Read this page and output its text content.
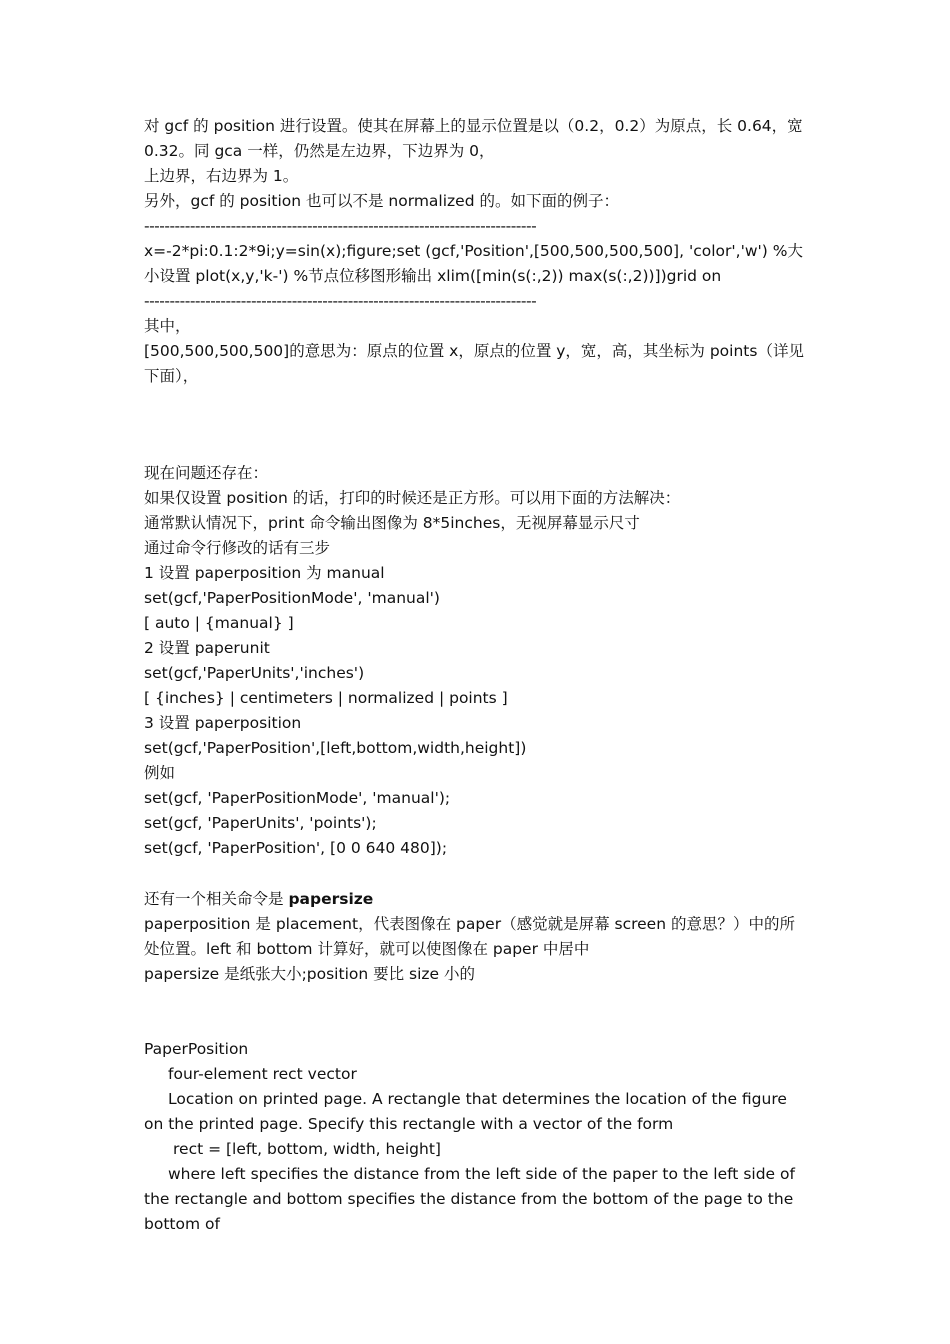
对 gcf 的 position 进行设置。使其在屏幕上的显示位置是以（0.2，0.2）为原点，长 0.64，宽 0.32。同 gca 一样，仍然是左边界，下边界为 0，
上边界，右边界为 1。
另外，gcf 的 position 也可以不是 normalized 的。如下面的例子：
-----------------------------------------------------------------------------
x=-2*pi:0.1:2*9i;y=sin(x);figure;set (gcf,'Position',[500,500,500,500], 'color','w') %大小设置 plot(x,y,'k-') %节点位移图形输出 xlim([min(s(:,2)) max(s(:,2))])grid on
-----------------------------------------------------------------------------
其中，
[500,500,500,500]的意思为：原点的位置 x，原点的位置 y，宽，高，其坐标为 points（详见下面），
现在问题还存在：
如果仅设置 position 的话，打印的时候还是正方形。可以用下面的方法解决：
通常默认情况下，print 命令输出图像为 8*5inches，无视屏幕显示尺寸
通过命令行修改的话有三步
1 设置 paperposition 为 manual
set(gcf,'PaperPositionMode', 'manual')
[ auto | {manual} ]
2 设置 paperunit
set(gcf,'PaperUnits','inches')
[ {inches} | centimeters | normalized | points ]
3 设置 paperposition
set(gcf,'PaperPosition',[left,bottom,width,height])
例如
set(gcf, 'PaperPositionMode', 'manual');
set(gcf, 'PaperUnits', 'points');
set(gcf, 'PaperPosition', [0 0 640 480]);
还有一个相关命令是 papersize
paperposition 是 placement，代表图像在 paper（感觉就是屏幕 screen 的意思？）中的所处位置。left 和 bottom 计算好，就可以使图像在 paper 中居中
papersize 是纸张大小;position 要比 size 小的
PaperPosition
four-element rect vector
Location on printed page. A rectangle that determines the location of the figure on the printed page. Specify this rectangle with a vector of the form
rect = [left, bottom, width, height]
where left specifies the distance from the left side of the paper to the left side of the rectangle and bottom specifies the distance from the bottom of the page to the bottom of
